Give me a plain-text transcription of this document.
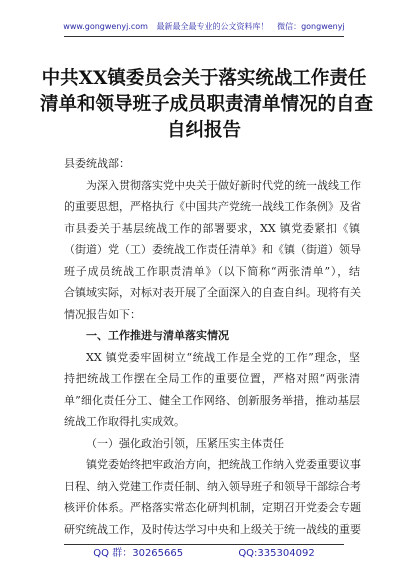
www.gongwenyj.com 最新最全最专业的公文资料库！ 微信：gongwenyj
中共XX镇委员会关于落实统战工作责任
清单和领导班子成员职责清单情况的自查
自纠报告
县委统战部：
为深入贯彻落实党中央关于做好新时代党的统一战线工作
的重要思想，严格执行《中国共产党统一战线工作条例》及省
市县委关于基层统战工作的部署要求，XX 镇党委紧扣《镇
（街道）党（工）委统战工作责任清单》和《镇（街道）领导
班子成员统战工作职责清单》（以下简称“两张清单”），结
合镇域实际，对标对表开展了全面深入的自查自纠。现将有关
情况报告如下：
一、工作推进与清单落实情况
XX 镇党委牢固树立“统战工作是全党的工作”理念，坚
持把统战工作摆在全局工作的重要位置，严格对照“两张清
单”细化责任分工、健全工作网络、创新服务举措，推动基层
统战工作取得扎实成效。
（一）强化政治引领，压紧压实主体责任
镇党委始终把牢政治方向，把统战工作纳入党委重要议事
日程、纳入党建工作责任制、纳入领导班子和领导干部综合考
核评价体系。严格落实常态化研判机制，定期召开党委会专题
研究统战工作，及时传达学习中央和上级关于统一战线的重要
QQ 群：30265665	QQ:335304092
